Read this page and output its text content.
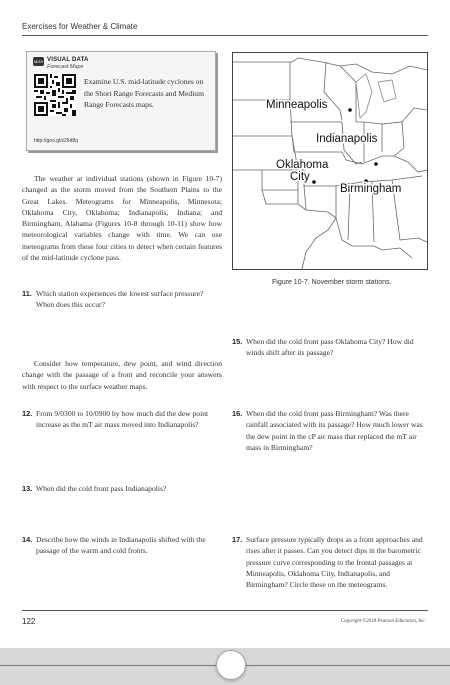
Exercises for Weather & Climate
MGS VISUAL DATA
Forecast Maps
Examine U.S. mid-latitude cyclones on the Short Range Forecasts and Medium Range Forecasts maps.
http://goo.gl/z26d8q
Minneapolis
Indianapolis
Oklahoma
City
Birmingham
Figure 10-7. November storm stations.
The weather at individual stations (shown in Figure 10-7) changed as the storm moved from the Southern Plains to the Great Lakes. Meteograms for Minneapolis, Minnesota; Oklahoma City, Oklahoma; Indianapolis, Indiana; and Birmingham, Alabama (Figures 10-8 through 10-11) show how meteorological variables change with time. We can use meteograms from these four cities to detect when certain features of the mid-latitude cyclone pass.
11. Which station experiences the lowest surface pressure? When does this occur?
Consider how temperature, dew point, and wind direction change with the passage of a front and reconcile your answers with respect to the surface weather maps.
12. From 9/0300 to 10/0900 by how much did the dew point increase as the mT air mass moved into Indianapolis?
13. When did the cold front pass Indianapolis?
14. Describe how the winds in Indianapolis shifted with the passage of the warm and cold fronts.
15. When did the cold front pass Oklahoma City? How did winds shift after its passage?
16. When did the cold front pass Birmingham? Was there rainfall associated with its passage? How much lower was the dew point in the cP air mass that replaced the mT air mass in Birmingham?
17. Surface pressure typically drops as a front approaches and rises after it passes. Can you detect dips in the barometric pressure curve corresponding to the frontal passages at Minneapolis, Oklahoma City, Indianapolis, and Birmingham? Circle these on the meteograms.
122	Copyright ©2018 Pearson Education, Inc.
